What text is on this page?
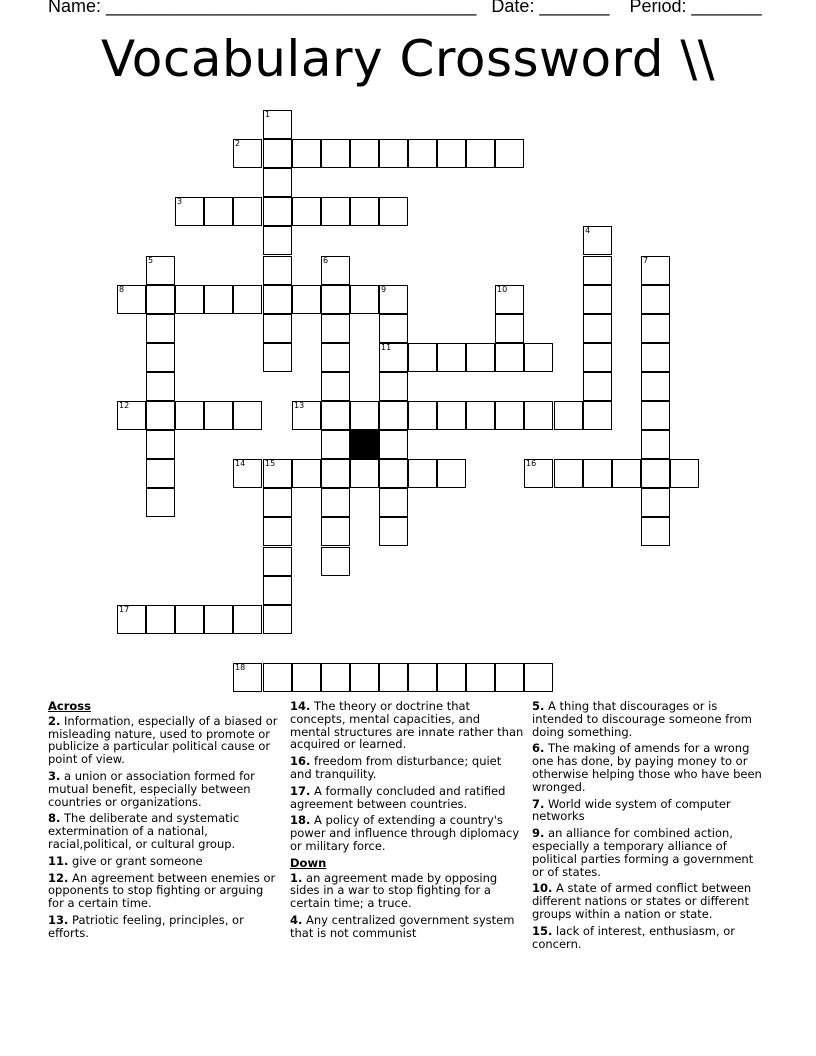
Name: _____________________________________   Date: _______    Period: _______
Vocabulary Crossword \\
2
3
8
11
12	13
14 15	16
17
18
1
4
5	6	7
9	10
Across
2. Information, especially of a biased or misleading nature, used to promote or publicize a particular political cause or point of view.
3. a union or association formed for mutual benefit, especially between countries or organizations.
8. The deliberate and systematic extermination of a national, racial,political, or cultural group.
11. give or grant someone
12. An agreement between enemies or opponents to stop fighting or arguing for a certain time.
13. Patriotic feeling, principles, or efforts.
14. The theory or doctrine that concepts, mental capacities, and mental structures are innate rather than acquired or learned.
16. freedom from disturbance; quiet and tranquility.
17. A formally concluded and ratified agreement between countries.
18. A policy of extending a country's power and influence through diplomacy or military force.
Down
1. an agreement made by opposing sides in a war to stop fighting for a certain time; a truce.
4. Any centralized government system that is not communist
5. A thing that discourages or is intended to discourage someone from doing something.
6. The making of amends for a wrong one has done, by paying money to or otherwise helping those who have been wronged.
7. World wide system of computer networks
9. an alliance for combined action, especially a temporary alliance of political parties forming a government or of states.
10. A state of armed conflict between different nations or states or different groups within a nation or state.
15. lack of interest, enthusiasm, or concern.
